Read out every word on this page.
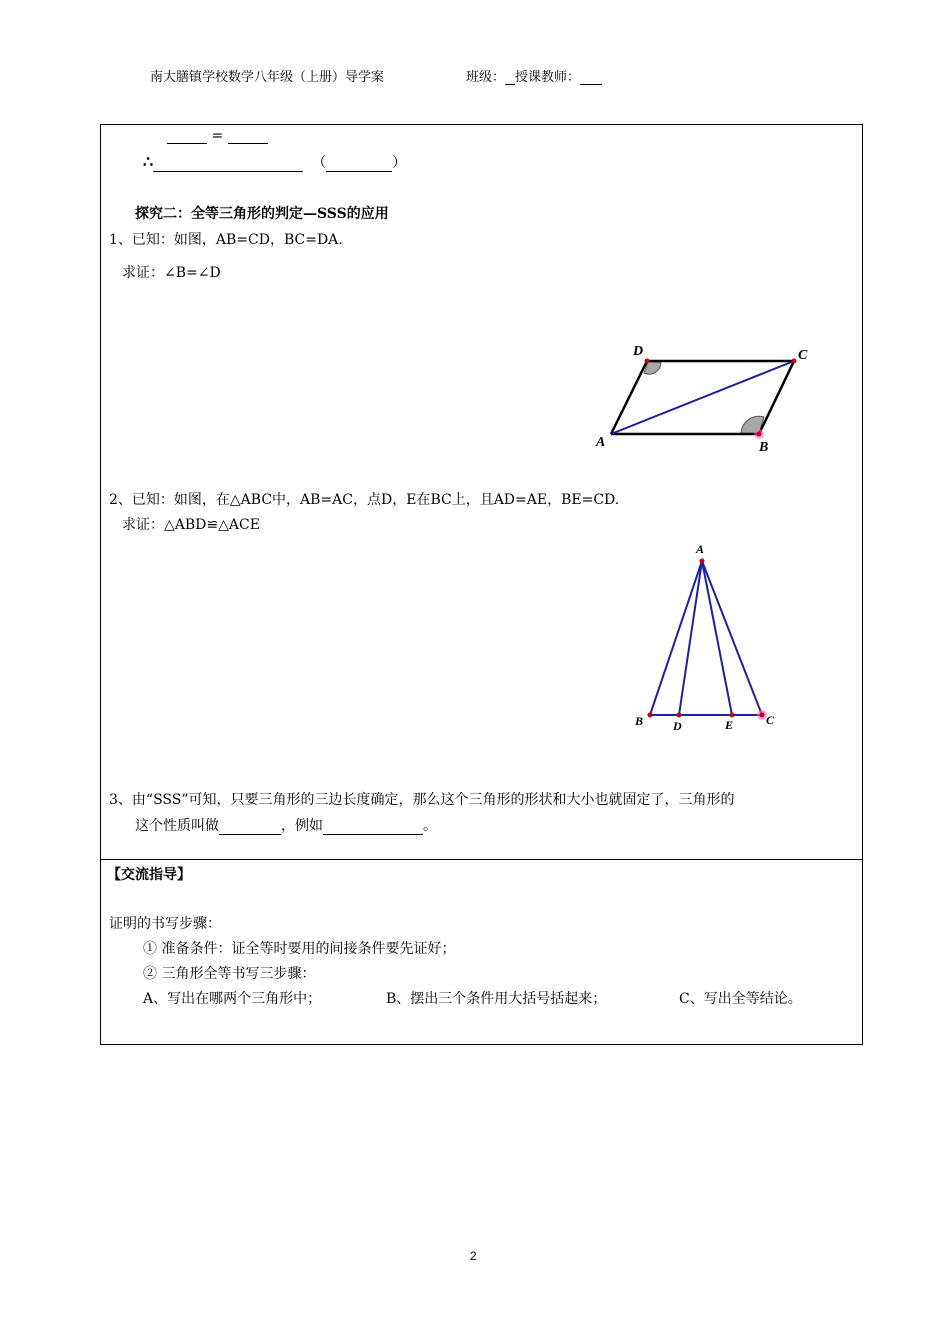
南大膳镇学校数学八年级（上册）导学案	班级： 授课教师：
=
∴	（	）
探究二：全等三角形的判定—SSS的应用
1、已知：如图，AB=CD，BC=DA.
求证：∠B=∠D
D	C
A	B
2、已知：如图，在△ABC中，AB=AC，点D，E在BC上，且AD=AE，BE=CD.
求证：△ABD≌△ACE
A
B D	E	C
3、由“SSS”可知，只要三角形的三边长度确定，那么这个三角形的形状和大小也就固定了，三角形的
这个性质叫做	，例如	。
【交流指导】
证明的书写步骤：
① 准备条件：证全等时要用的间接条件要先证好；
② 三角形全等书写三步骤：
A、写出在哪两个三角形中；	B、摆出三个条件用大括号括起来；	C、写出全等结论。
2
